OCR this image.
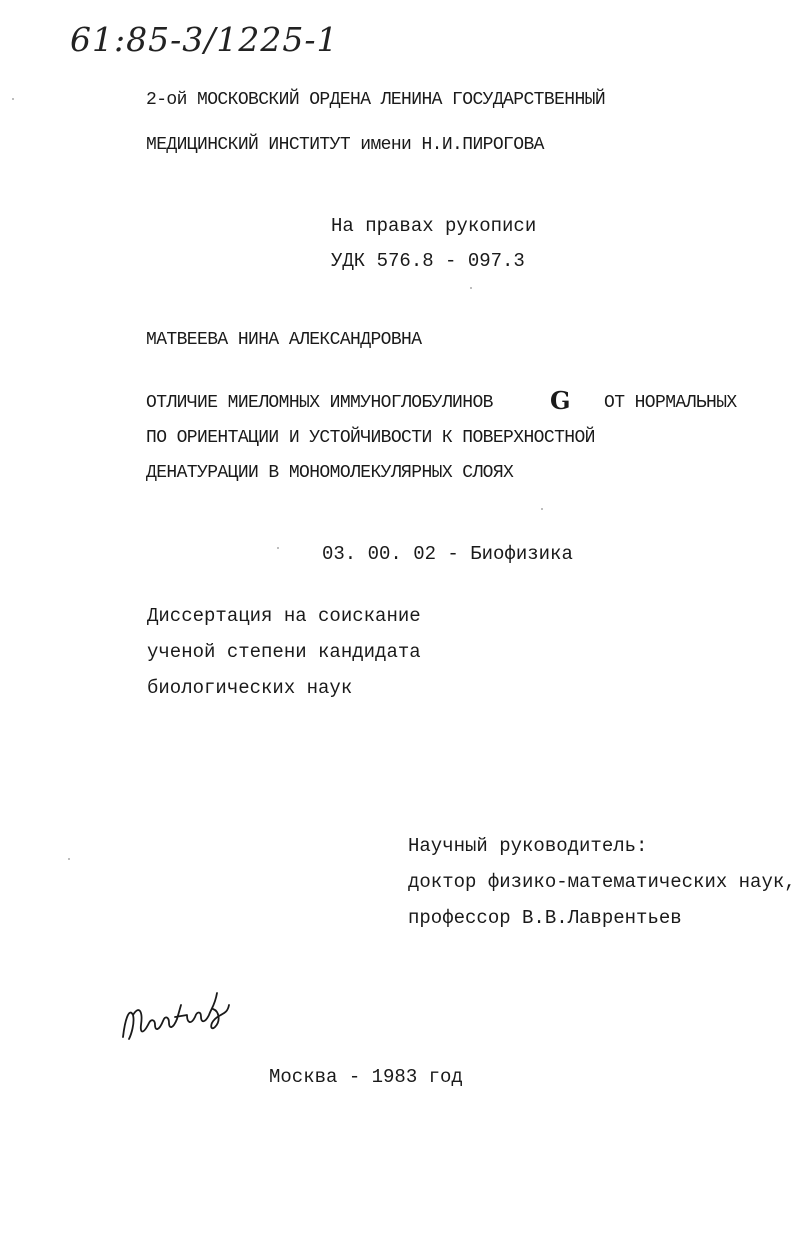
61:85-3/1225-1
2-ой МОСКОВСКИЙ ОРДЕНА ЛЕНИНА ГОСУДАРСТВЕННЫЙ
МЕДИЦИНСКИЙ ИНСТИТУТ имени Н.И.ПИРОГОВА
На правах рукописи
УДК 576.8 - 097.3
МАТВЕЕВА НИНА АЛЕКСАНДРОВНА
ОТЛИЧИЕ МИЕЛОМНЫХ ИММУНОГЛОБУЛИНОВ G ОТ НОРМАЛЬНЫХ
ПО ОРИЕНТАЦИИ И УСТОЙЧИВОСТИ К ПОВЕРХНОСТНОЙ
ДЕНАТУРАЦИИ В МОНОМОЛЕКУЛЯРНЫХ СЛОЯХ
03. 00. 02 - Биофизика
Диссертация на соискание
ученой степени кандидата
биологических наук
Научный руководитель:
доктор физико-математических наук,
профессор В.В.Лаврентьев
Москва - 1983 год
